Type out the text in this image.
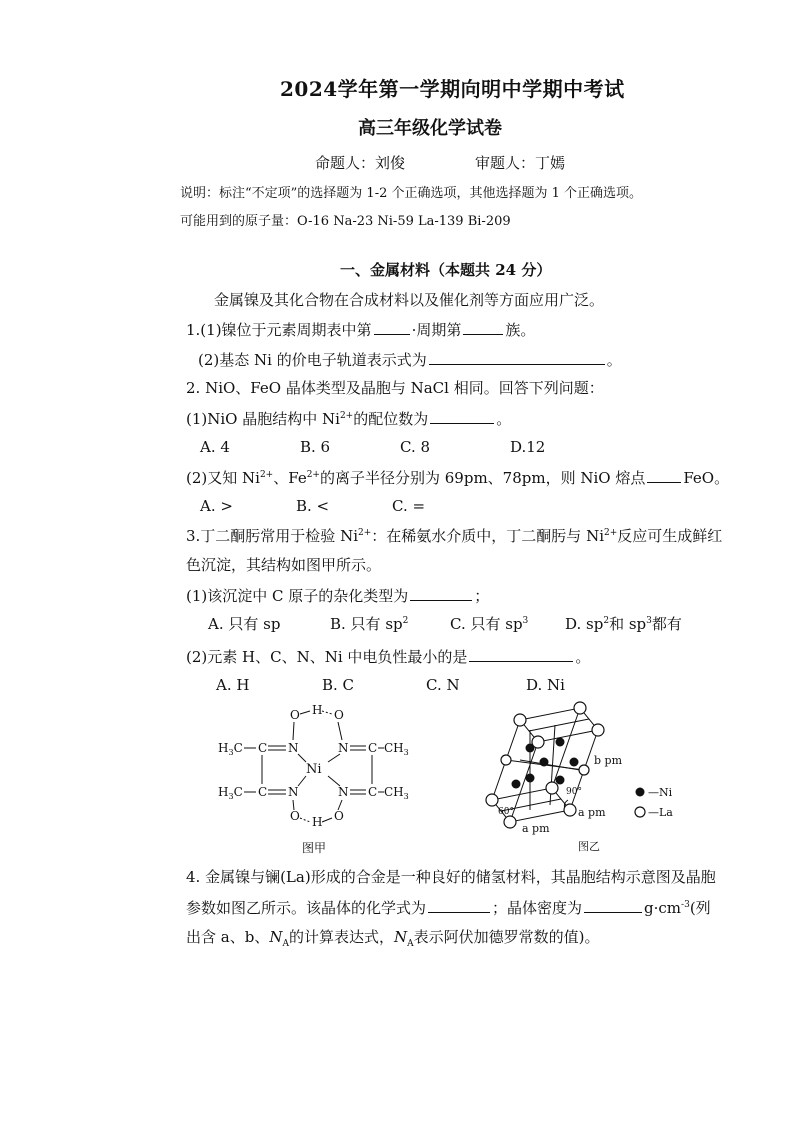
2024学年第一学期向明中学期中考试
高三年级化学试卷
命题人：刘俊	审题人：丁嫣
说明：标注“不定项”的选择题为 1-2 个正确选项，其他选择题为 1 个正确选项。
可能用到的原子量：O-16 Na-23 Ni-59 La-139 Bi-209
一、金属材料（本题共 24 分）
金属镍及其化合物在合成材料以及催化剂等方面应用广泛。
1.(1)镍位于元素周期表中第	·周期第	族。
(2)基态 Ni 的价电子轨道表示式为	。
2. NiO、FeO 晶体类型及晶胞与 NaCl 相同。回答下列问题：
(1)NiO 晶胞结构中 $Ni^{2+}$的配位数为	。
A. 4	B. 6	C. 8	D.12
(2)又知 $Ni^{2+}$、$Fe^{2+}$的离子半径分别为 69pm、78pm，则 NiO 熔点	FeO。
A. >	B. <	C. =
3.丁二酮肟常用于检验 $Ni^{2+}$：在稀氨水介质中，丁二酮肟与 $Ni^{2+}$反应可生成鲜红
色沉淀，其结构如图甲所示。
(1)该沉淀中 C 原子的杂化类型为	；
A. 只有 sp	B. 只有 $sp^2$	C. 只有 $sp^3$ D. $sp^2$和 $sp^3$都有
(2)元素 H、C、N、Ni 中电负性最小的是	。
A. H	B. C	C. N	D. Ni
O H O
N	N
C	C
$H_3C$	$CH_3$
Ni
N	N
C	C
$H_3C$	$CH_3$
O H O
图甲
b pm
90°
60°	a pm
a pm
图乙
—Ni
—La
4. 金属镍与镧(La)形成的合金是一种良好的储氢材料，其晶胞结构示意图及晶胞
参数如图乙所示。该晶体的化学式为	；晶体密度为	$g\cdot cm^{-3}$(列
出含 a、b、$N_A$的计算表达式，$N_A$表示阿伏加德罗常数的值)。
